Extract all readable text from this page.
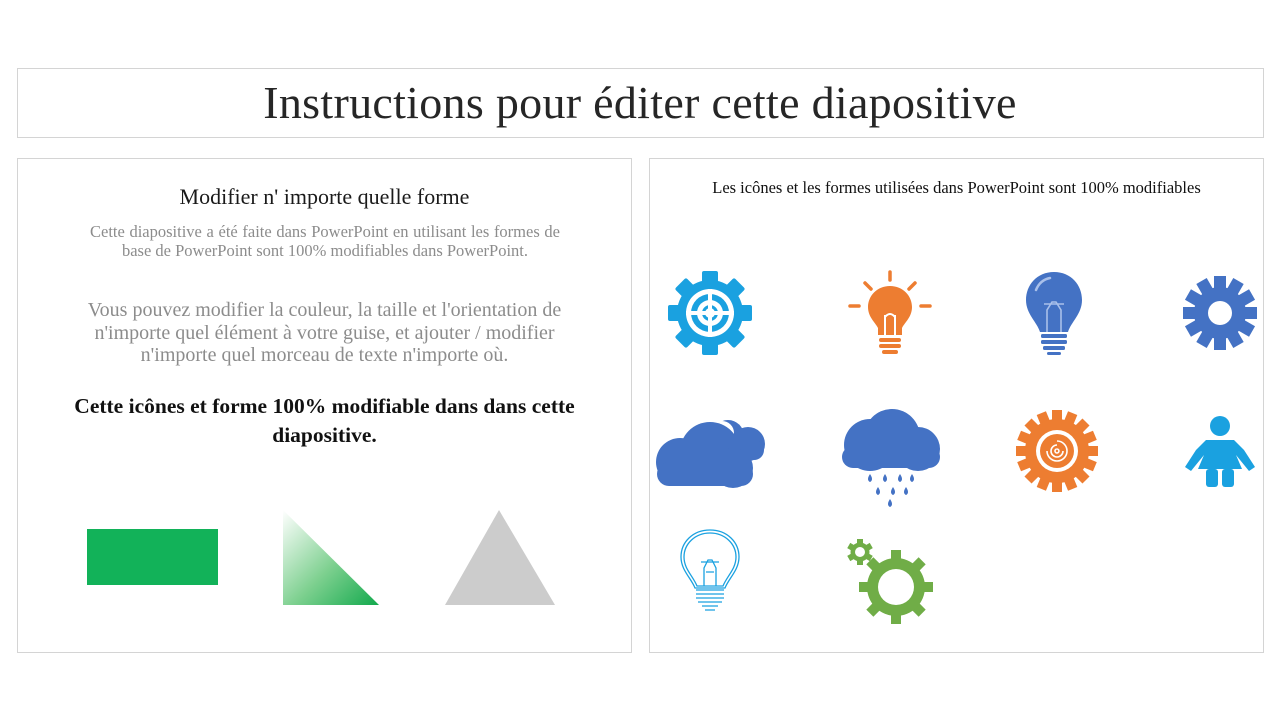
Instructions pour éditer cette diapositive
Modifier n' importe quelle forme
Cette diapositive a été faite dans PowerPoint en utilisant les formes de base de PowerPoint sont 100% modifiables dans PowerPoint.
Vous pouvez modifier la couleur, la taille et l'orientation de n'importe quel élément à votre guise, et ajouter / modifier n'importe quel morceau de texte n'importe où.
Cette icônes et forme 100% modifiable dans dans cette diapositive.
Les icônes et les formes utilisées dans PowerPoint sont 100% modifiables
